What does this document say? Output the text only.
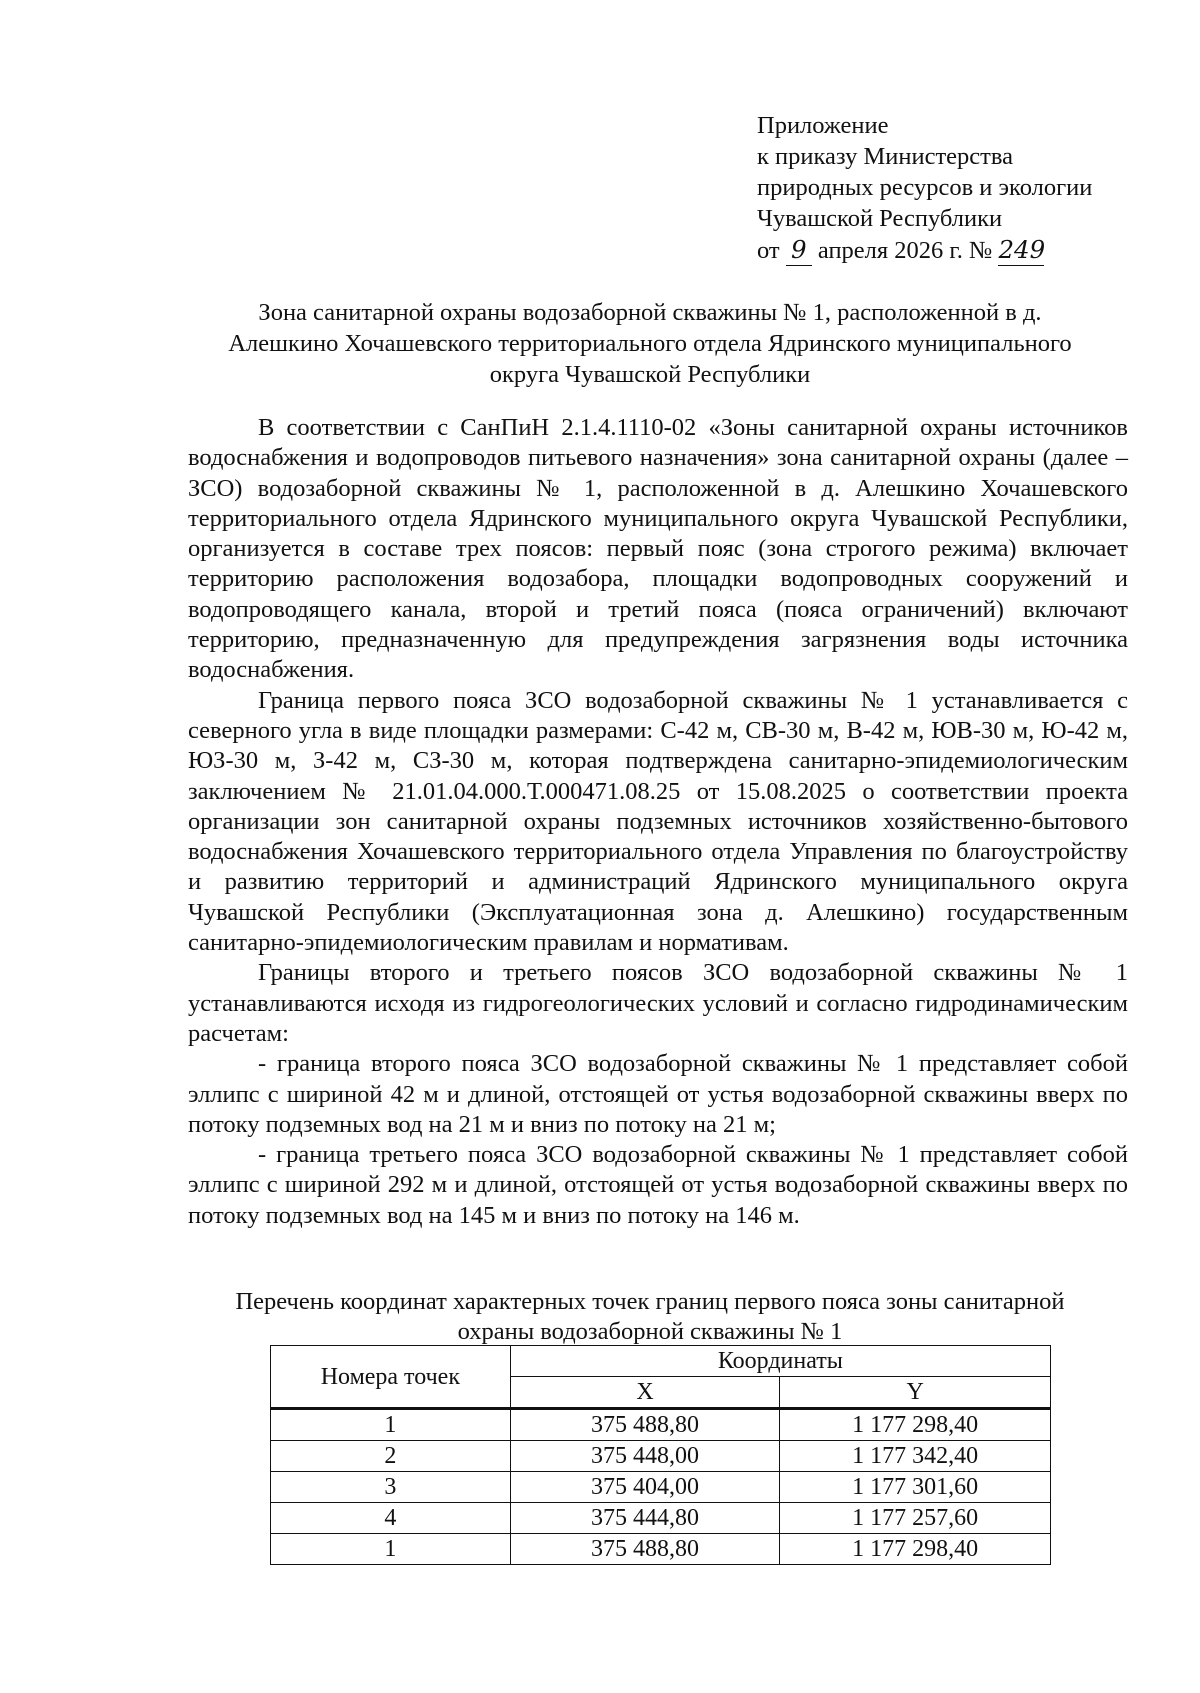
Приложение
к приказу Министерства
природных ресурсов и экологии
Чувашской Республики
от 9 апреля 2026 г. № 249
Зона санитарной охраны водозаборной скважины № 1, расположенной в д.
Алешкино Хочашевского территориального отдела Ядринского муниципального
округа Чувашской Республики

В соответствии с СанПиН 2.1.4.1110-02 «Зоны санитарной охраны источников водоснабжения и водопроводов питьевого назначения» зона санитарной охраны (далее – ЗСО) водозаборной скважины № 1, расположенной в д. Алешкино Хочашевского территориального отдела Ядринского муниципального округа Чувашской Республики, организуется в составе трех поясов: первый пояс (зона строгого режима) включает территорию расположения водозабора, площадки водопроводных сооружений и водопроводящего канала, второй и третий пояса (пояса ограничений) включают территорию, предназначенную для предупреждения загрязнения воды источника водоснабжения.

Граница первого пояса ЗСО водозаборной скважины № 1 устанавливается с северного угла в виде площадки размерами: С-42 м, СВ-30 м, В-42 м, ЮВ-30 м, Ю-42 м, ЮЗ-30 м, З-42 м, СЗ-30 м, которая подтверждена санитарно-эпидемиологическим заключением № 21.01.04.000.Т.000471.08.25 от 15.08.2025 о соответствии проекта организации зон санитарной охраны подземных источников хозяйственно-бытового водоснабжения Хочашевского территориального отдела Управления по благоустройству и развитию территорий и администраций Ядринского муниципального округа Чувашской Республики (Эксплуатационная зона д. Алешкино) государственным санитарно-эпидемиологическим правилам и нормативам.

Границы второго и третьего поясов ЗСО водозаборной скважины № 1 устанавливаются исходя из гидрогеологических условий и согласно гидродинамическим расчетам:

- граница второго пояса ЗСО водозаборной скважины № 1 представляет собой эллипс с шириной 42 м и длиной, отстоящей от устья водозаборной скважины вверх по потоку подземных вод на 21 м и вниз по потоку на 21 м;

- граница третьего пояса ЗСО водозаборной скважины № 1 представляет собой эллипс с шириной 292 м и длиной, отстоящей от устья водозаборной скважины вверх по потоку подземных вод на 145 м и вниз по потоку на 146 м.

Перечень координат характерных точек границ первого пояса зоны санитарной
охраны водозаборной скважины № 1
Номера точек	Координаты	
	X	Y
1	375 488,80	1 177 298,40
2	375 448,00	1 177 342,40
3	375 404,00	1 177 301,60
4	375 444,80	1 177 257,60
1	375 488,80	1 177 298,40
